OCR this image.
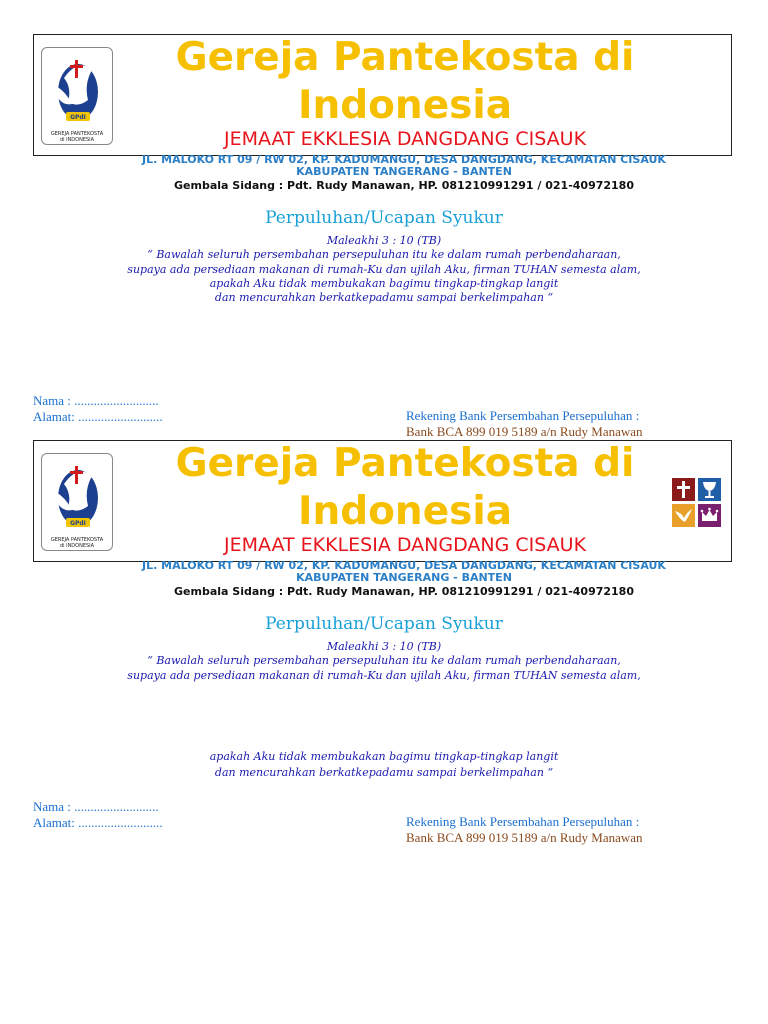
GPdI
GEREJA PANTEKOSTA
di INDONESIA
Gereja Pantekosta di
Indonesia
JEMAAT EKKLESIA DANGDANG CISAUK
JL. MALOKO RT 09 / RW 02, KP. KADUMANGU, DESA DANGDANG, KECAMATAN CISAUK
KABUPATEN TANGERANG - BANTEN
Gembala Sidang : Pdt. Rudy Manawan, HP. 081210991291 / 021-40972180
Perpuluhan/Ucapan Syukur
Maleakhi 3 : 10 (TB)
“ Bawalah seluruh persembahan persepuluhan itu ke dalam rumah perbendaharaan,
supaya ada persediaan makanan di rumah-Ku dan ujilah Aku, firman TUHAN semesta alam,
apakah Aku tidak membukakan bagimu tingkap-tingkap langit
dan mencurahkan berkatkepadamu sampai berkelimpahan “
Nama : ..........................
Alamat: ..........................	Rekening Bank Persembahan Persepuluhan :
Bank BCA 899 019 5189 a/n Rudy Manawan
GPdI
GEREJA PANTEKOSTA
di INDONESIA
Gereja Pantekosta di
Indonesia
JEMAAT EKKLESIA DANGDANG CISAUK
JL. MALOKO RT 09 / RW 02, KP. KADUMANGU, DESA DANGDANG, KECAMATAN CISAUK
KABUPATEN TANGERANG - BANTEN
Gembala Sidang : Pdt. Rudy Manawan, HP. 081210991291 / 021-40972180
Perpuluhan/Ucapan Syukur
Maleakhi 3 : 10 (TB)
“ Bawalah seluruh persembahan persepuluhan itu ke dalam rumah perbendaharaan,
supaya ada persediaan makanan di rumah-Ku dan ujilah Aku, firman TUHAN semesta alam,
apakah Aku tidak membukakan bagimu tingkap-tingkap langit
dan mencurahkan berkatkepadamu sampai berkelimpahan “
Nama : ..........................
Alamat: ..........................	Rekening Bank Persembahan Persepuluhan :
Bank BCA 899 019 5189 a/n Rudy Manawan
